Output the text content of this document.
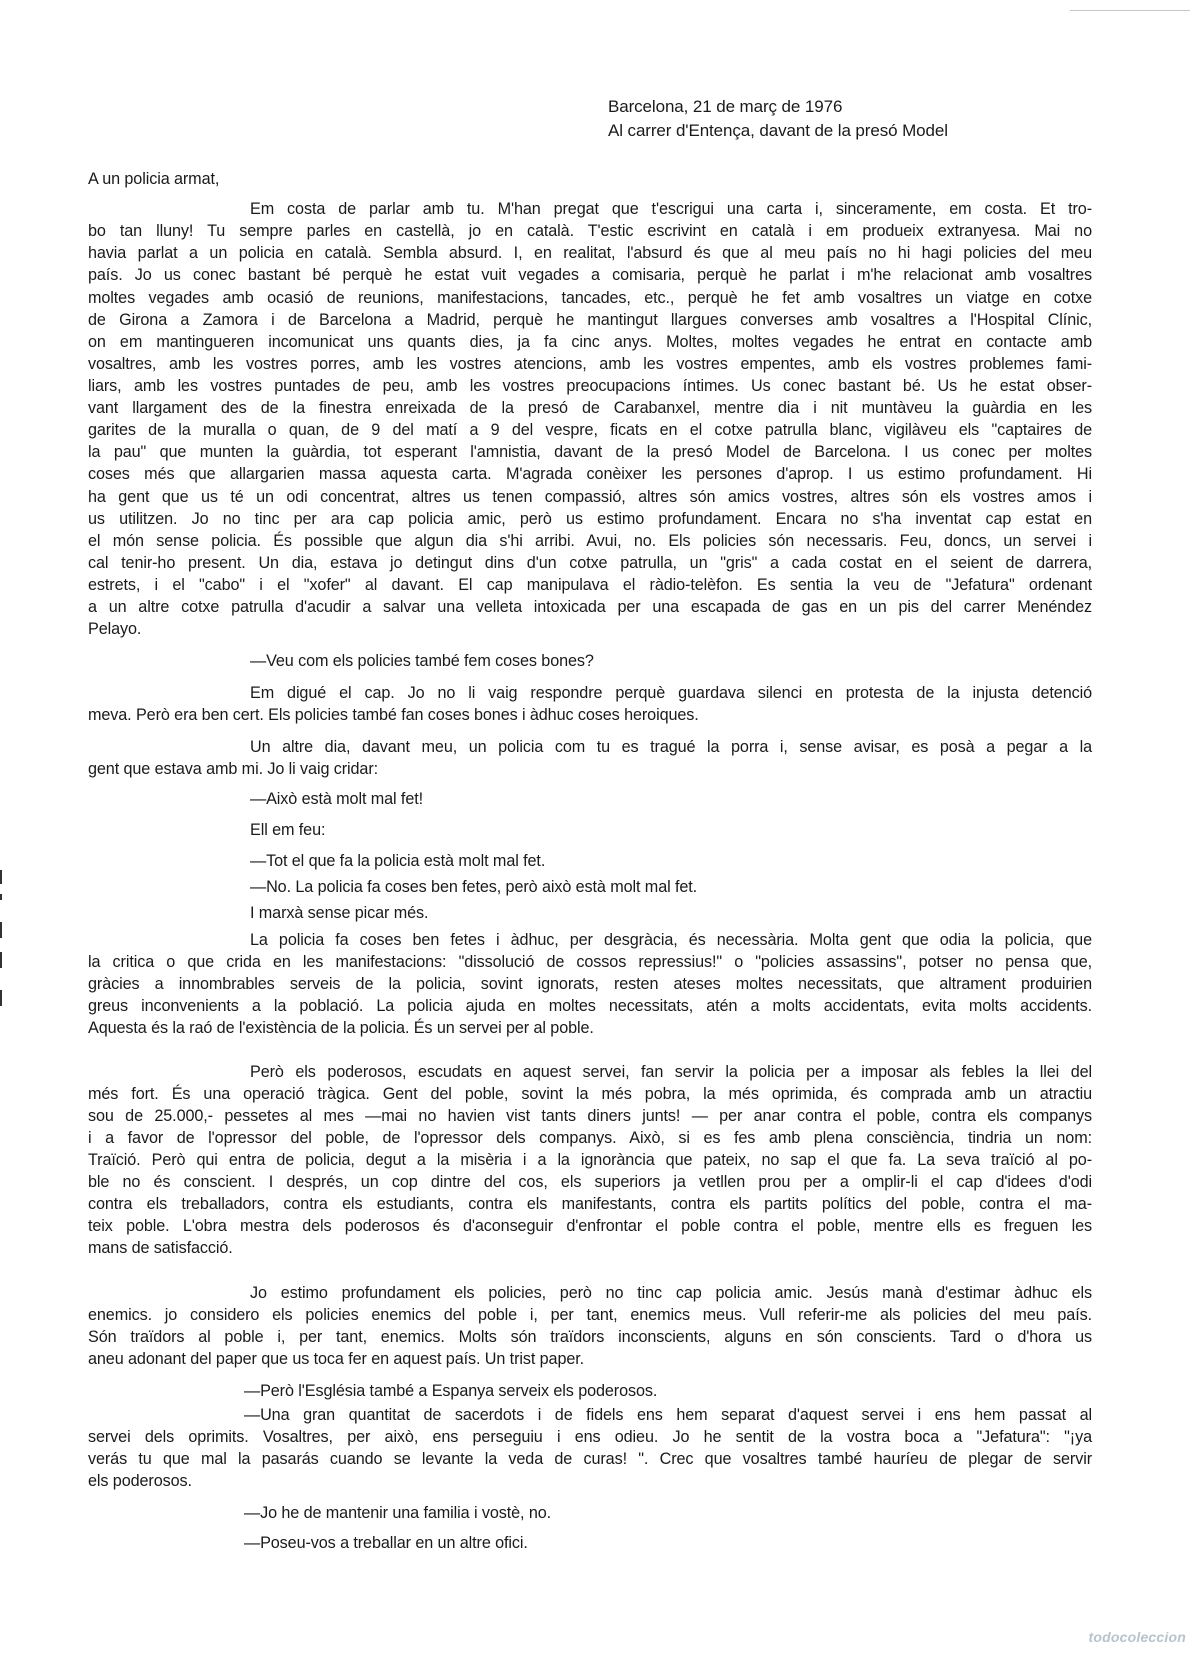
Barcelona, 21 de març de 1976
Al carrer d'Entença, davant de la presó Model
A un policia armat,
Em costa de parlar amb tu. M'han pregat que t'escrigui una carta i, sinceramente, em costa. Et tro-
bo tan lluny! Tu sempre parles en castellà, jo en català. T'estic escrivint en català i em produeix extranyesa. Mai no
havia parlat a un policia en català. Sembla absurd. I, en realitat, l'absurd és que al meu país no hi hagi policies del meu
país. Jo us conec bastant bé perquè he estat vuit vegades a comisaria, perquè he parlat i m'he relacionat amb vosaltres
moltes vegades amb ocasió de reunions, manifestacions, tancades, etc., perquè he fet amb vosaltres un viatge en cotxe
de Girona a Zamora i de Barcelona a Madrid, perquè he mantingut llargues converses amb vosaltres a l'Hospital Clínic,
on em mantingueren incomunicat uns quants dies, ja fa cinc anys. Moltes, moltes vegades he entrat en contacte amb
vosaltres, amb les vostres porres, amb les vostres atencions, amb les vostres empentes, amb els vostres problemes fami-
liars, amb les vostres puntades de peu, amb les vostres preocupacions íntimes. Us conec bastant bé. Us he estat obser-
vant llargament des de la finestra enreixada de la presó de Carabanxel, mentre dia i nit muntàveu la guàrdia en les
garites de la muralla o quan, de 9 del matí a 9 del vespre, ficats en el cotxe patrulla blanc, vigilàveu els "captaires de
la pau" que munten la guàrdia, tot esperant l'amnistia, davant de la presó Model de Barcelona. I us conec per moltes
coses més que allargarien massa aquesta carta. M'agrada conèixer les persones d'aprop. I us estimo profundament. Hi
ha gent que us té un odi concentrat, altres us tenen compassió, altres són amics vostres, altres són els vostres amos i
us utilitzen. Jo no tinc per ara cap policia amic, però us estimo profundament. Encara no s'ha inventat cap estat en
el món sense policia. És possible que algun dia s'hi arribi. Avui, no. Els policies són necessaris. Feu, doncs, un servei i
cal tenir-ho present. Un dia, estava jo detingut dins d'un cotxe patrulla, un "gris" a cada costat en el seient de darrera,
estrets, i el "cabo" i el "xofer" al davant. El cap manipulava el ràdio-telèfon. Es sentia la veu de "Jefatura" ordenant
a un altre cotxe patrulla d'acudir a salvar una velleta intoxicada per una escapada de gas en un pis del carrer Menéndez
Pelayo.
—Veu com els policies també fem coses bones?
Em digué el cap. Jo no li vaig respondre perquè guardava silenci en protesta de la injusta detenció
meva. Però era ben cert. Els policies també fan coses bones i àdhuc coses heroiques.
Un altre dia, davant meu, un policia com tu es tragué la porra i, sense avisar, es posà a pegar a la
gent que estava amb mi. Jo li vaig cridar:
—Això està molt mal fet!
Ell em feu:
—Tot el que fa la policia està molt mal fet.
—No. La policia fa coses ben fetes, però això està molt mal fet.
I marxà sense picar més.
La policia fa coses ben fetes i àdhuc, per desgràcia, és necessària. Molta gent que odia la policia, que
la critica o que crida en les manifestacions: "dissolució de cossos repressius!" o "policies assassins", potser no pensa que,
gràcies a innombrables serveis de la policia, sovint ignorats, resten ateses moltes necessitats, que altrament produirien
greus inconvenients a la població. La policia ajuda en moltes necessitats, atén a molts accidentats, evita molts accidents.
Aquesta és la raó de l'existència de la policia. És un servei per al poble.
Però els poderosos, escudats en aquest servei, fan servir la policia per a imposar als febles la llei del
més fort. És una operació tràgica. Gent del poble, sovint la més pobra, la més oprimida, és comprada amb un atractiu
sou de 25.000,- pessetes al mes —mai no havien vist tants diners junts! — per anar contra el poble, contra els companys
i a favor de l'opressor del poble, de l'opressor dels companys. Això, si es fes amb plena consciència, tindria un nom:
Traïció. Però qui entra de policia, degut a la misèria i a la ignorància que pateix, no sap el que fa. La seva traïció al po-
ble no és conscient. I després, un cop dintre del cos, els superiors ja vetllen prou per a omplir-li el cap d'idees d'odi
contra els treballadors, contra els estudiants, contra els manifestants, contra els partits polítics del poble, contra el ma-
teix poble. L'obra mestra dels poderosos és d'aconseguir d'enfrontar el poble contra el poble, mentre ells es freguen les
mans de satisfacció.
Jo estimo profundament els policies, però no tinc cap policia amic. Jesús manà d'estimar àdhuc els
enemics. jo considero els policies enemics del poble i, per tant, enemics meus. Vull referir-me als policies del meu país.
Són traïdors al poble i, per tant, enemics. Molts són traïdors inconscients, alguns en són conscients. Tard o d'hora us
aneu adonant del paper que us toca fer en aquest país. Un trist paper.
—Però l'Església també a Espanya serveix els poderosos.
—Una gran quantitat de sacerdots i de fidels ens hem separat d'aquest servei i ens hem passat al
servei dels oprimits. Vosaltres, per això, ens perseguiu i ens odieu. Jo he sentit de la vostra boca a "Jefatura": "¡ya
verás tu que mal la pasarás cuando se levante la veda de curas! ". Crec que vosaltres també hauríeu de plegar de servir
els poderosos.
—Jo he de mantenir una familia i vostè, no.
—Poseu-vos a treballar en un altre ofici.
todocoleccion
